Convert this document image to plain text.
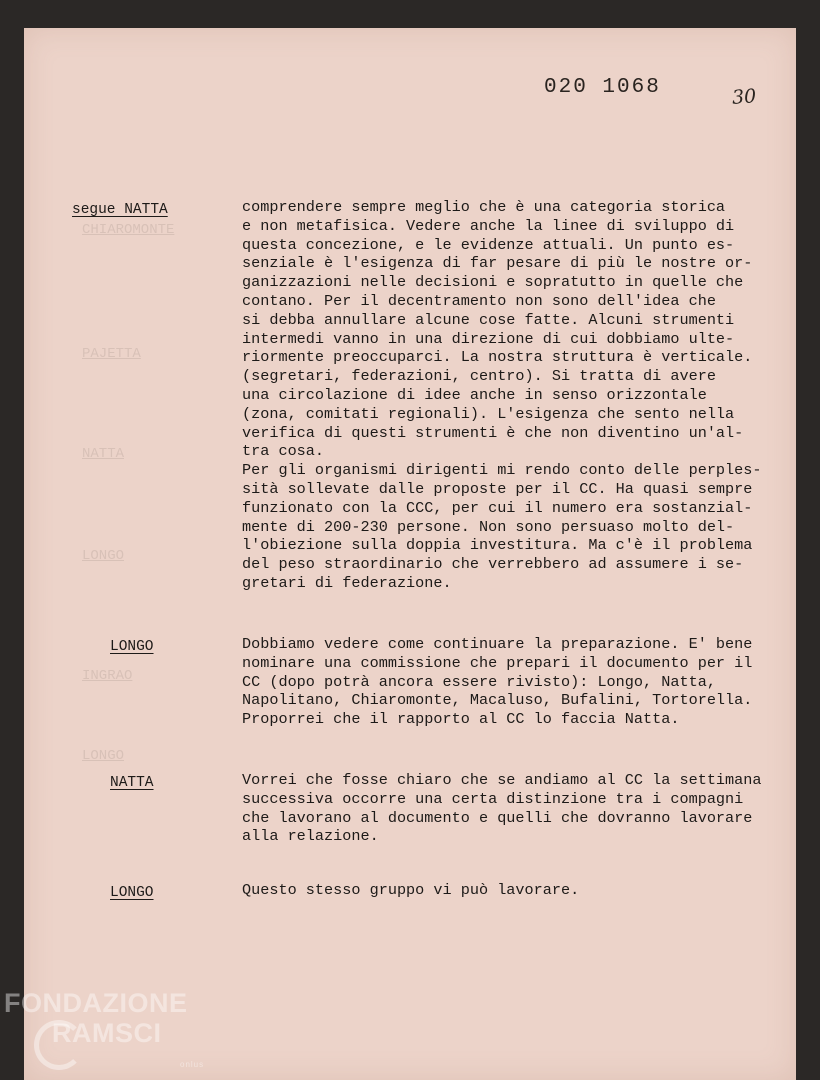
CHIAROMONTE
PAJETTA
NATTA
LONGO
INGRAO
LONGO
020 1068	30
segue NATTA	comprendere sempre meglio che è una categoria storica
e non metafisica. Vedere anche la linee di sviluppo di
questa concezione, e le evidenze attuali. Un punto es-
senziale è l'esigenza di far pesare di più le nostre or-
ganizzazioni nelle decisioni e sopratutto in quelle che
contano. Per il decentramento non sono dell'idea che
si debba annullare alcune cose fatte. Alcuni strumenti
intermedi vanno in una direzione di cui dobbiamo ulte-
riormente preoccuparci. La nostra struttura è verticale.
(segretari, federazioni, centro). Si tratta di avere
una circolazione di idee anche in senso orizzontale
(zona, comitati regionali). L'esigenza che sento nella
verifica di questi strumenti è che non diventino un'al-
tra cosa.
Per gli organismi dirigenti mi rendo conto delle perples-
sità sollevate dalle proposte per il CC. Ha quasi sempre
funzionato con la CCC, per cui il numero era sostanzial-
mente di 200-230 persone. Non sono persuaso molto del-
l'obiezione sulla doppia investitura. Ma c'è il problema
del peso straordinario che verrebbero ad assumere i se-
gretari di federazione.
LONGO	Dobbiamo vedere come continuare la preparazione. E' bene
nominare una commissione che prepari il documento per il
CC (dopo potrà ancora essere rivisto): Longo, Natta,
Napolitano, Chiaromonte, Macaluso, Bufalini, Tortorella.
Proporrei che il rapporto al CC lo faccia Natta.
NATTA	Vorrei che fosse chiaro che se andiamo al CC la settimana
successiva occorre una certa distinzione tra i compagni
che lavorano al documento e quelli che dovranno lavorare
alla relazione.
LONGO	Questo stesso gruppo vi può lavorare.
FONDAZIONE
RAMSCI
onlus
